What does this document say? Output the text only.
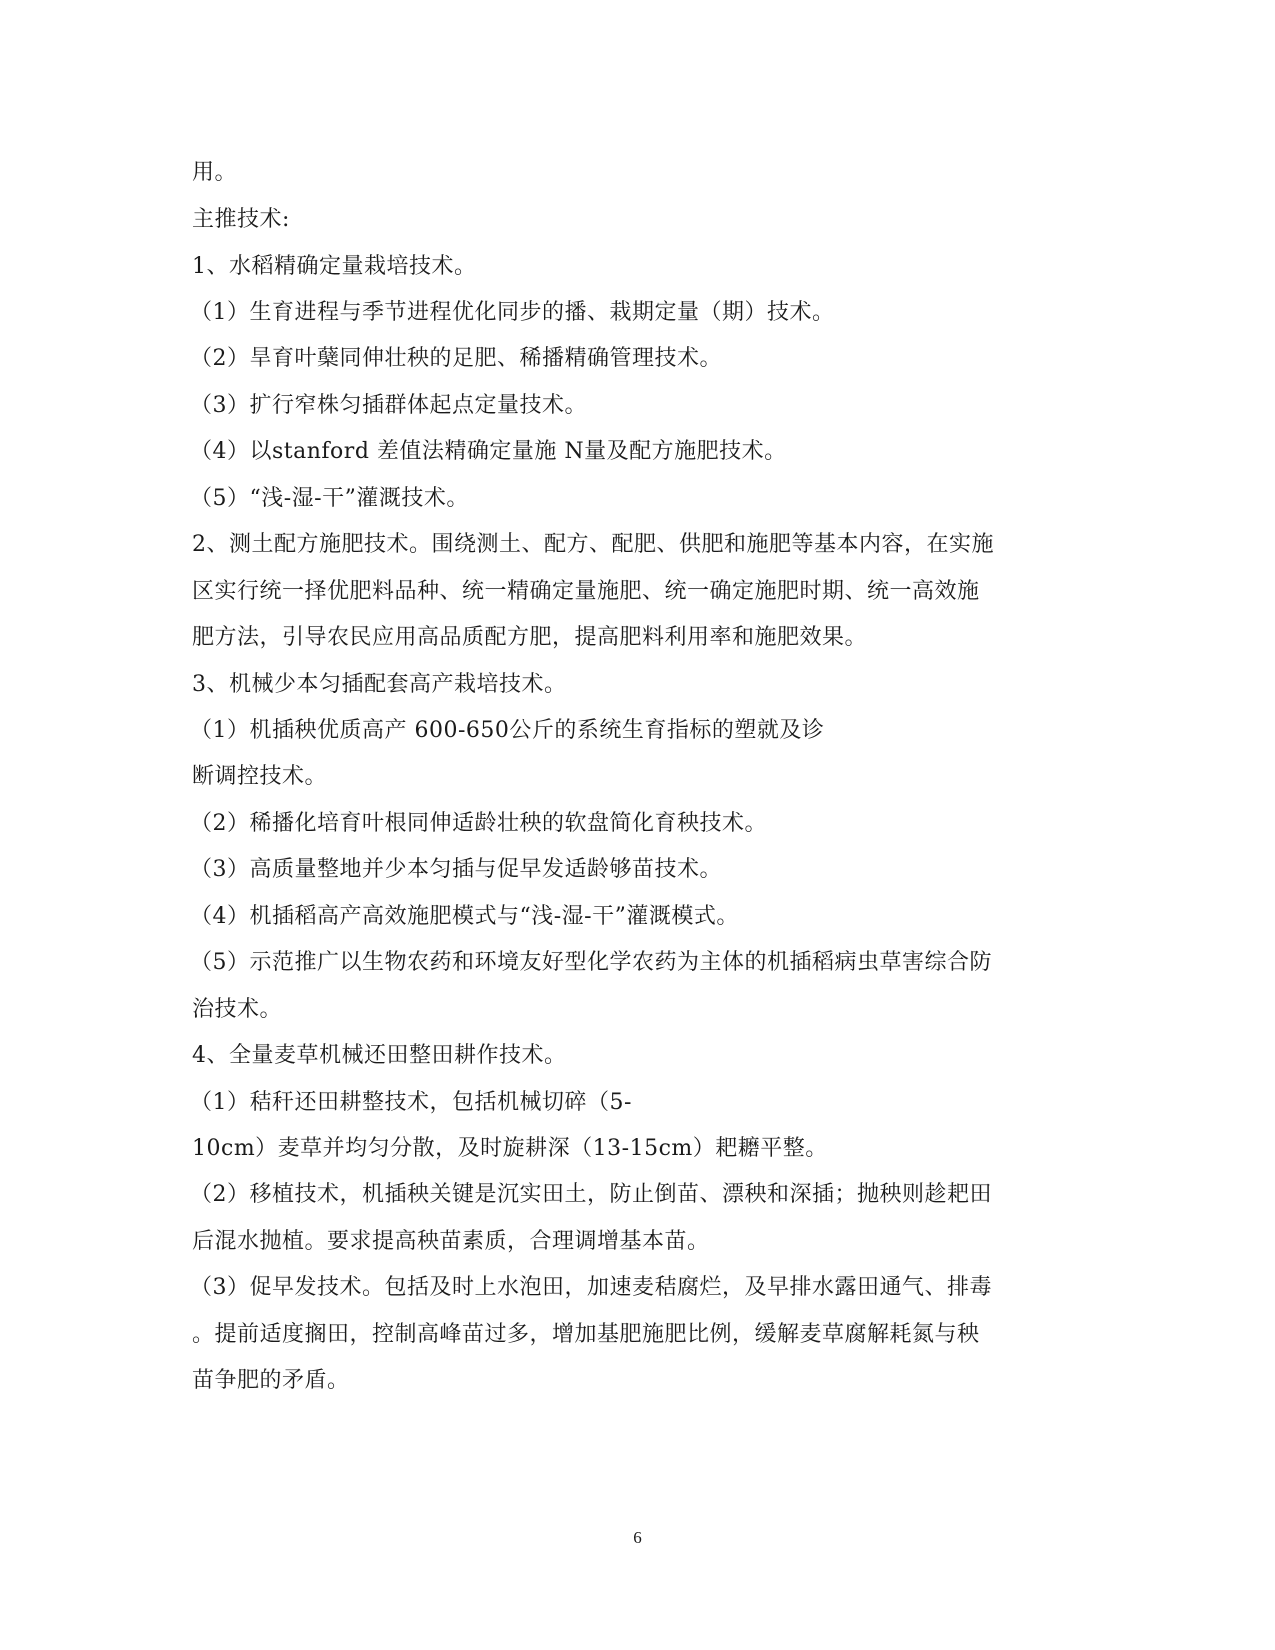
用。
主推技术:
1、水稻精确定量栽培技术。
（1）生育进程与季节进程优化同步的播、栽期定量（期）技术。
（2）旱育叶蘖同伸壮秧的足肥、稀播精确管理技术。
（3）扩行窄株匀插群体起点定量技术。
（4）以stanford 差值法精确定量施 N量及配方施肥技术。
（5）“浅-湿-干”灌溉技术。
2、测土配方施肥技术。围绕测土、配方、配肥、供肥和施肥等基本内容，在实施
区实行统一择优肥料品种、统一精确定量施肥、统一确定施肥时期、统一高效施
肥方法，引导农民应用高品质配方肥，提高肥料利用率和施肥效果。
3、机械少本匀插配套高产栽培技术。
（1）机插秧优质高产 600-650公斤的系统生育指标的塑就及诊
断调控技术。
（2）稀播化培育叶根同伸适龄壮秧的软盘简化育秧技术。
（3）高质量整地并少本匀插与促早发适龄够苗技术。
（4）机插稻高产高效施肥模式与“浅-湿-干”灌溉模式。
（5）示范推广以生物农药和环境友好型化学农药为主体的机插稻病虫草害综合防
治技术。
4、全量麦草机械还田整田耕作技术。
（1）秸秆还田耕整技术，包括机械切碎（5-
10cm）麦草并均匀分散，及时旋耕深（13-15cm）耙耱平整。
（2）移植技术，机插秧关键是沉实田土，防止倒苗、漂秧和深插；抛秧则趁耙田
后混水抛植。要求提高秧苗素质，合理调增基本苗。
（3）促早发技术。包括及时上水泡田，加速麦秸腐烂，及早排水露田通气、排毒
。提前适度搁田，控制高峰苗过多，增加基肥施肥比例，缓解麦草腐解耗氮与秧
苗争肥的矛盾。
6
